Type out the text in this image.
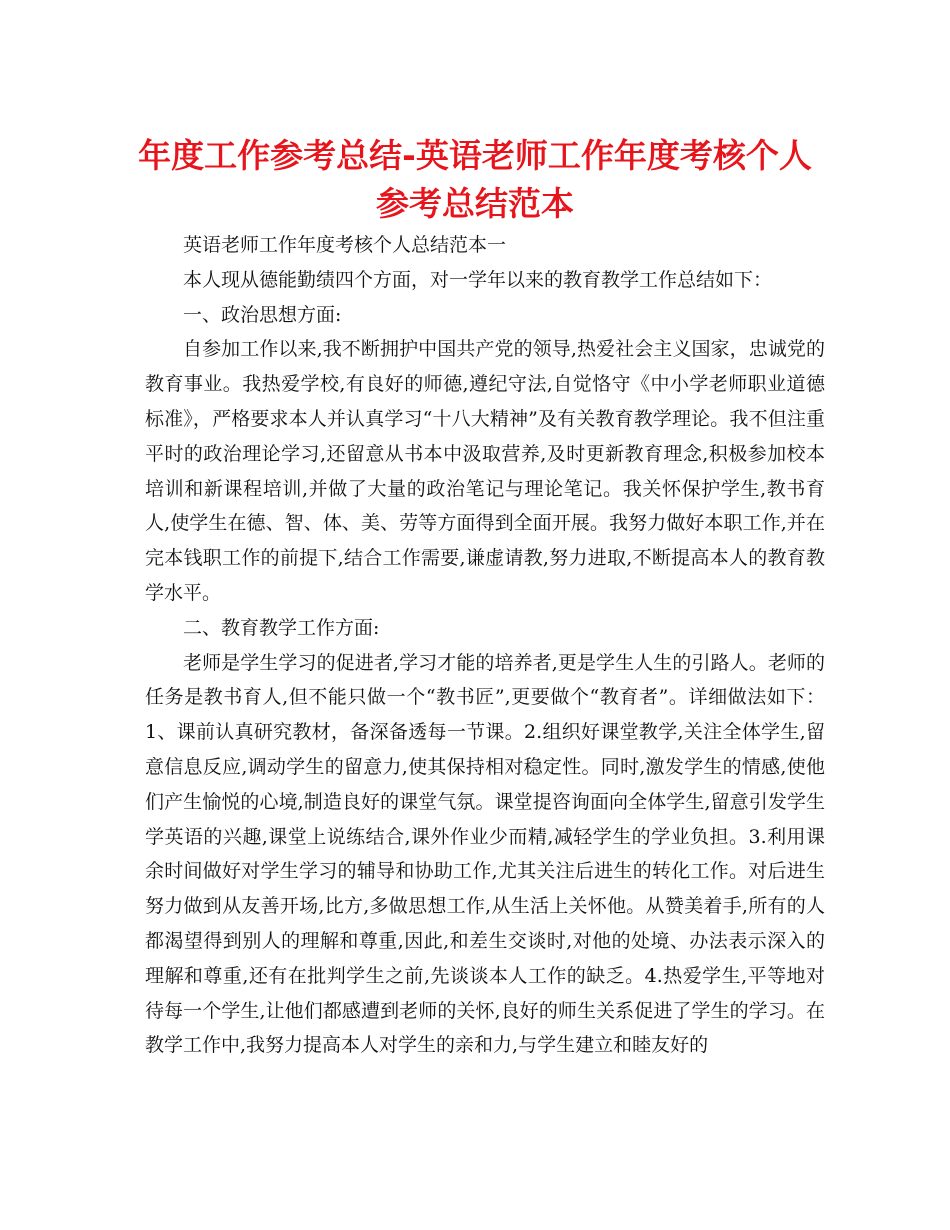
年度工作参考总结-英语老师工作年度考核个人参考总结范本

英语老师工作年度考核个人总结范本一

本人现从德能勤绩四个方面，对一学年以来的教育教学工作总结如下：

一、政治思想方面:

自参加工作以来,我不断拥护中国共产党的领导,热爱社会主义国家，忠诚党的教育事业。我热爱学校,有良好的师德,遵纪守法,自觉恪守《中小学老师职业道德标准》，严格要求本人并认真学习“十八大精神”及有关教育教学理论。我不但注重平时的政治理论学习,还留意从书本中汲取营养,及时更新教育理念,积极参加校本培训和新课程培训,并做了大量的政治笔记与理论笔记。我关怀保护学生,教书育人,使学生在德、智、体、美、劳等方面得到全面开展。我努力做好本职工作,并在完本钱职工作的前提下,结合工作需要,谦虚请教,努力进取,不断提高本人的教育教学水平。

二、教育教学工作方面:

老师是学生学习的促进者,学习才能的培养者,更是学生人生的引路人。老师的任务是教书育人,但不能只做一个“教书匠”,更要做个“教育者”。详细做法如下：1、课前认真研究教材，备深备透每一节课。2.组织好课堂教学,关注全体学生,留意信息反应,调动学生的留意力,使其保持相对稳定性。同时,激发学生的情感,使他们产生愉悦的心境,制造良好的课堂气氛。课堂提咨询面向全体学生,留意引发学生学英语的兴趣,课堂上说练结合,课外作业少而精,减轻学生的学业负担。3.利用课余时间做好对学生学习的辅导和协助工作,尤其关注后进生的转化工作。对后进生努力做到从友善开场,比方,多做思想工作,从生活上关怀他。从赞美着手,所有的人都渴望得到别人的理解和尊重,因此,和差生交谈时,对他的处境、办法表示深入的理解和尊重,还有在批判学生之前,先谈谈本人工作的缺乏。4.热爱学生,平等地对待每一个学生,让他们都感遭到老师的关怀,良好的师生关系促进了学生的学习。在教学工作中,我努力提高本人对学生的亲和力,与学生建立和睦友好的
